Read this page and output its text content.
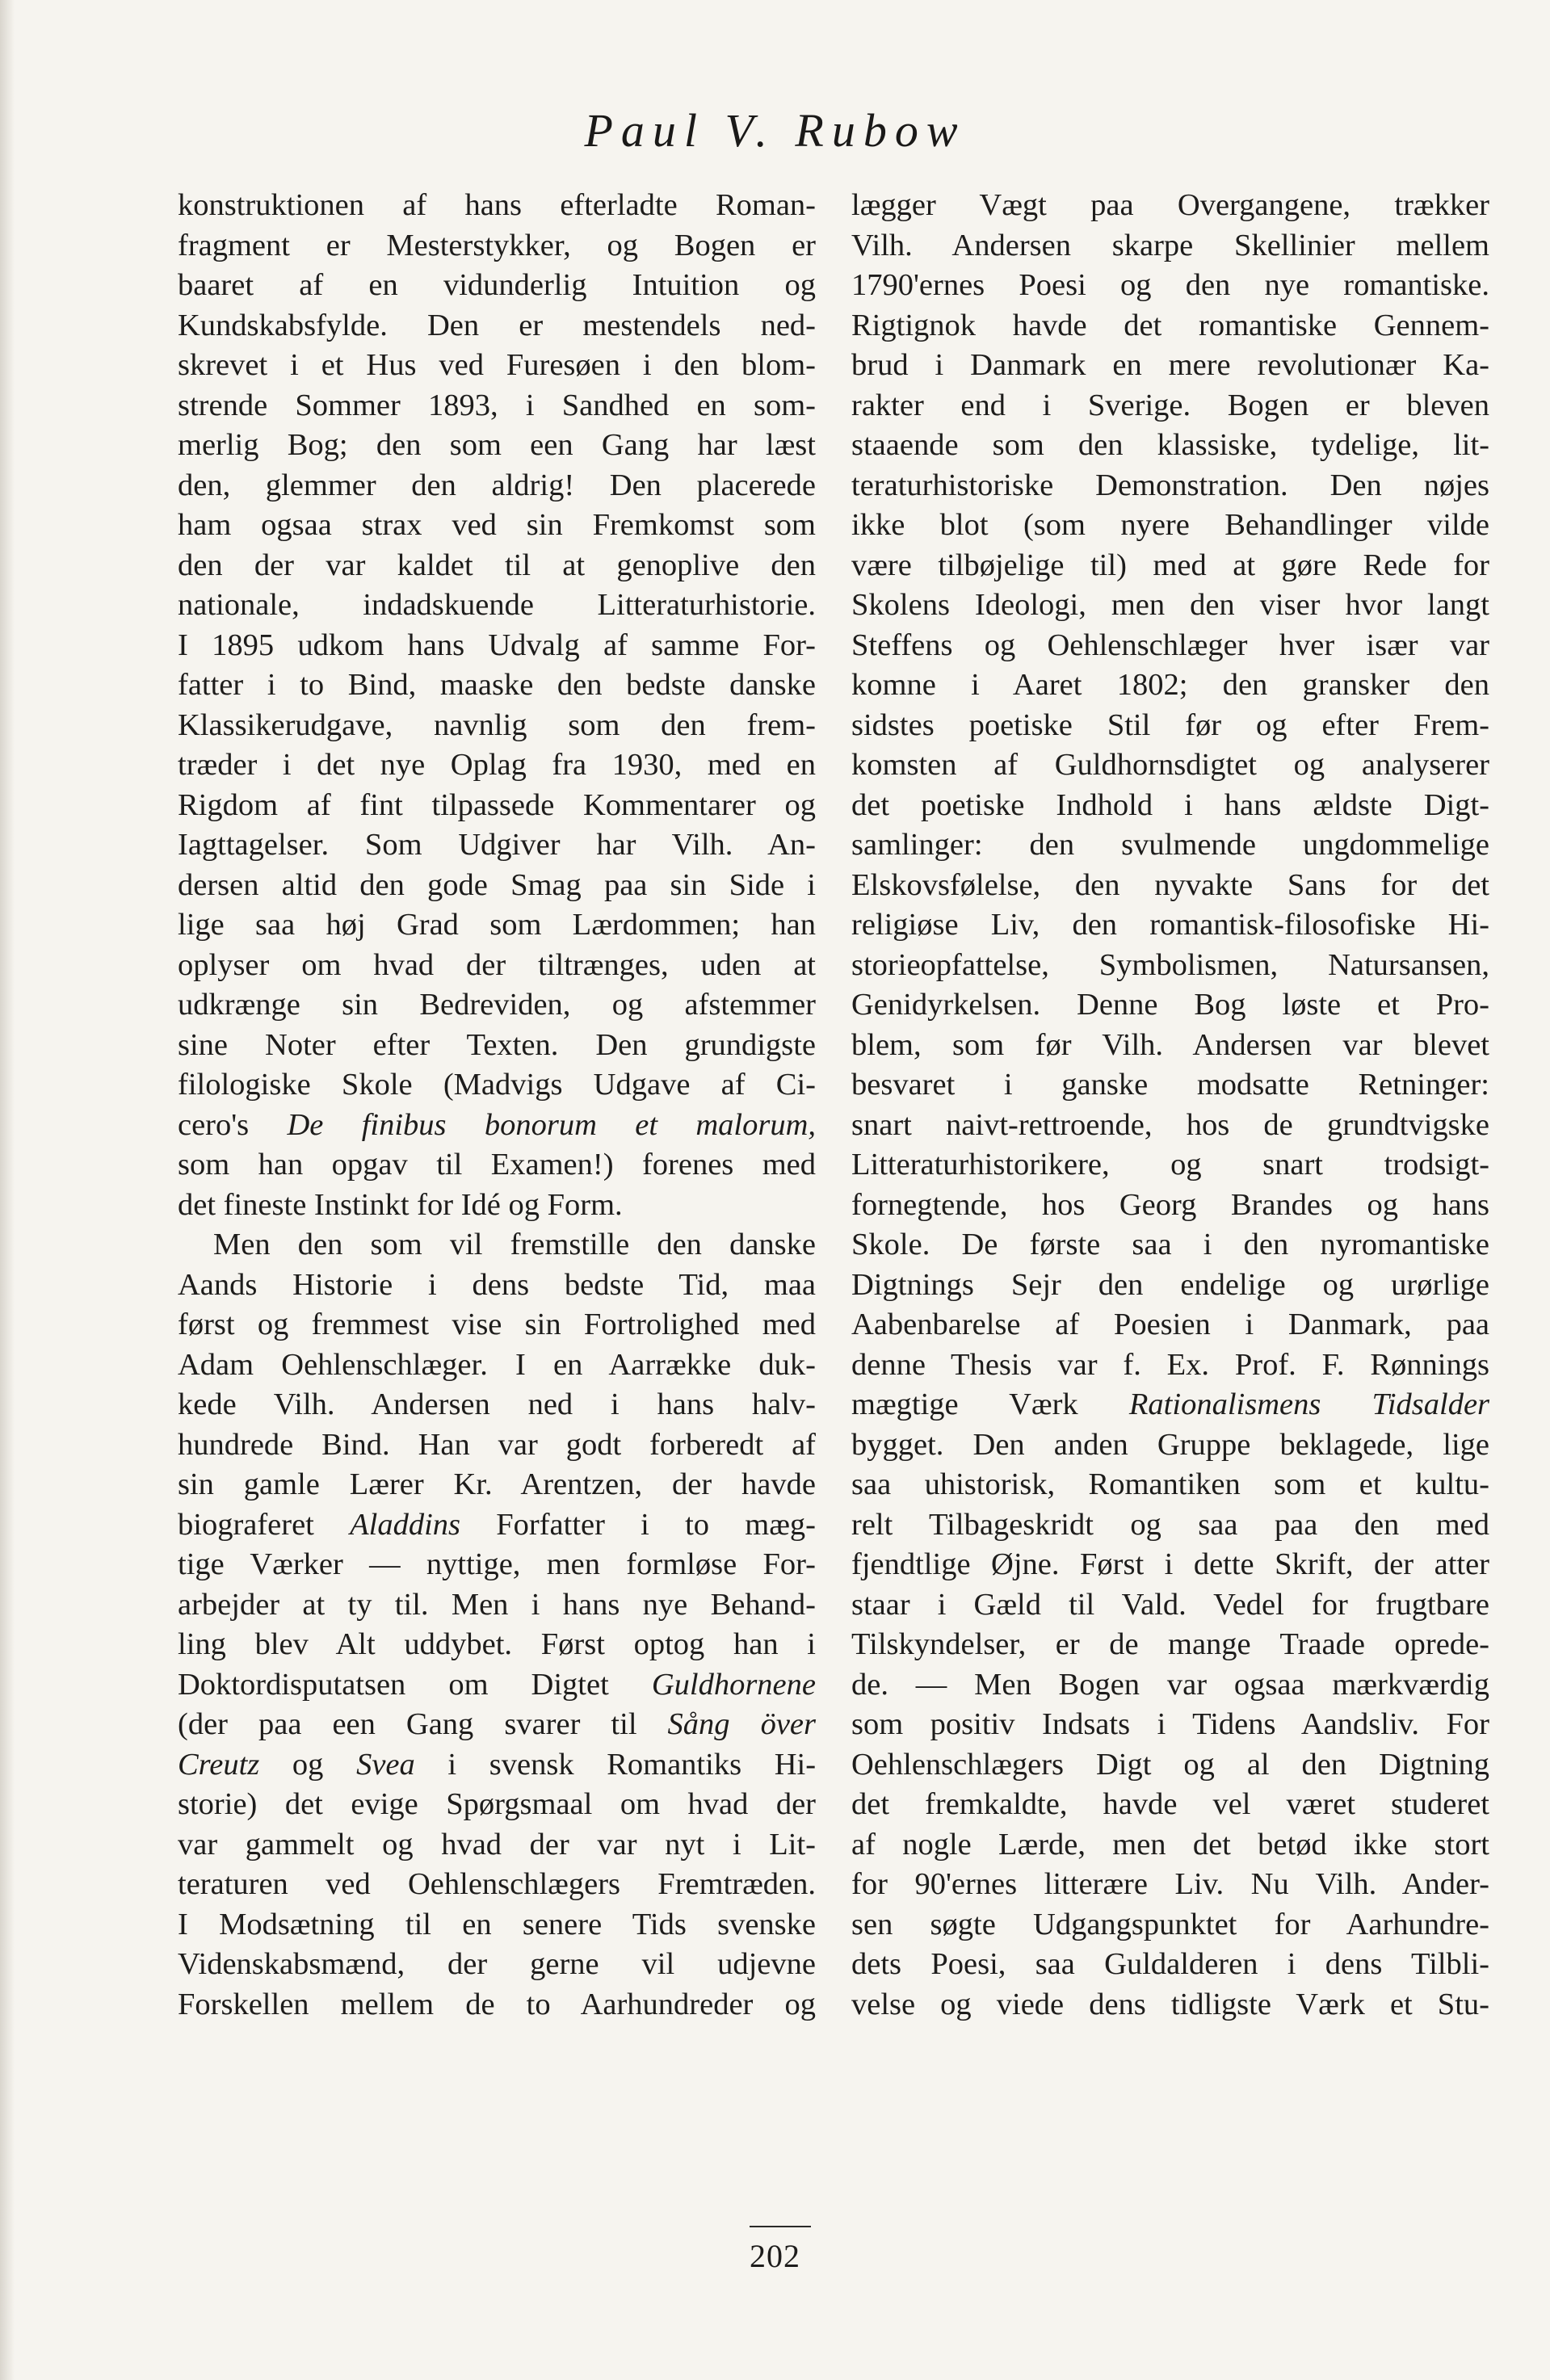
Paul V. Rubow
konstruktionen af hans efterladte Roman-
fragment er Mesterstykker, og Bogen er
baaret af en vidunderlig Intuition og
Kundskabsfylde. Den er mestendels ned-
skrevet i et Hus ved Furesøen i den blom-
strende Sommer 1893, i Sandhed en som-
merlig Bog; den som een Gang har læst
den, glemmer den aldrig! Den placerede
ham ogsaa strax ved sin Fremkomst som
den der var kaldet til at genoplive den
nationale, indadskuende Litteraturhistorie.
I 1895 udkom hans Udvalg af samme For-
fatter i to Bind, maaske den bedste danske
Klassikerudgave, navnlig som den frem-
træder i det nye Oplag fra 1930, med en
Rigdom af fint tilpassede Kommentarer og
Iagttagelser. Som Udgiver har Vilh. An-
dersen altid den gode Smag paa sin Side i
lige saa høj Grad som Lærdommen; han
oplyser om hvad der tiltrænges, uden at
udkrænge sin Bedreviden, og afstemmer
sine Noter efter Texten. Den grundigste
filologiske Skole (Madvigs Udgave af Ci-
cero's De finibus bonorum et malorum,
som han opgav til Examen!) forenes med
det fineste Instinkt for Idé og Form.
Men den som vil fremstille den danske
Aands Historie i dens bedste Tid, maa
først og fremmest vise sin Fortrolighed med
Adam Oehlenschlæger. I en Aarrække duk-
kede Vilh. Andersen ned i hans halv-
hundrede Bind. Han var godt forberedt af
sin gamle Lærer Kr. Arentzen, der havde
biograferet Aladdins Forfatter i to mæg-
tige Værker — nyttige, men formløse For-
arbejder at ty til. Men i hans nye Behand-
ling blev Alt uddybet. Først optog han i
Doktordisputatsen om Digtet Guldhornene
(der paa een Gang svarer til Sång över
Creutz og Svea i svensk Romantiks Hi-
storie) det evige Spørgsmaal om hvad der
var gammelt og hvad der var nyt i Lit-
teraturen ved Oehlenschlægers Fremtræden.
I Modsætning til en senere Tids svenske
Videnskabsmænd, der gerne vil udjevne
Forskellen mellem de to Aarhundreder og
lægger Vægt paa Overgangene, trækker
Vilh. Andersen skarpe Skellinier mellem
1790'ernes Poesi og den nye romantiske.
Rigtignok havde det romantiske Gennem-
brud i Danmark en mere revolutionær Ka-
rakter end i Sverige. Bogen er bleven
staaende som den klassiske, tydelige, lit-
teraturhistoriske Demonstration. Den nøjes
ikke blot (som nyere Behandlinger vilde
være tilbøjelige til) med at gøre Rede for
Skolens Ideologi, men den viser hvor langt
Steffens og Oehlenschlæger hver især var
komne i Aaret 1802; den gransker den
sidstes poetiske Stil før og efter Frem-
komsten af Guldhornsdigtet og analyserer
det poetiske Indhold i hans ældste Digt-
samlinger: den svulmende ungdommelige
Elskovsfølelse, den nyvakte Sans for det
religiøse Liv, den romantisk-filosofiske Hi-
storieopfattelse, Symbolismen, Natursansen,
Genidyrkelsen. Denne Bog løste et Pro-
blem, som før Vilh. Andersen var blevet
besvaret i ganske modsatte Retninger:
snart naivt-rettroende, hos de grundtvigske
Litteraturhistorikere, og snart trodsigt-
fornegtende, hos Georg Brandes og hans
Skole. De første saa i den nyromantiske
Digtnings Sejr den endelige og urørlige
Aabenbarelse af Poesien i Danmark, paa
denne Thesis var f. Ex. Prof. F. Rønnings
mægtige Værk Rationalismens Tidsalder
bygget. Den anden Gruppe beklagede, lige
saa uhistorisk, Romantiken som et kultu-
relt Tilbageskridt og saa paa den med
fjendtlige Øjne. Først i dette Skrift, der atter
staar i Gæld til Vald. Vedel for frugtbare
Tilskyndelser, er de mange Traade oprede-
de. — Men Bogen var ogsaa mærkværdig
som positiv Indsats i Tidens Aandsliv. For
Oehlenschlægers Digt og al den Digtning
det fremkaldte, havde vel været studeret
af nogle Lærde, men det betød ikke stort
for 90'ernes litterære Liv. Nu Vilh. Ander-
sen søgte Udgangspunktet for Aarhundre-
dets Poesi, saa Guldalderen i dens Tilbli-
velse og viede dens tidligste Værk et Stu-
202
